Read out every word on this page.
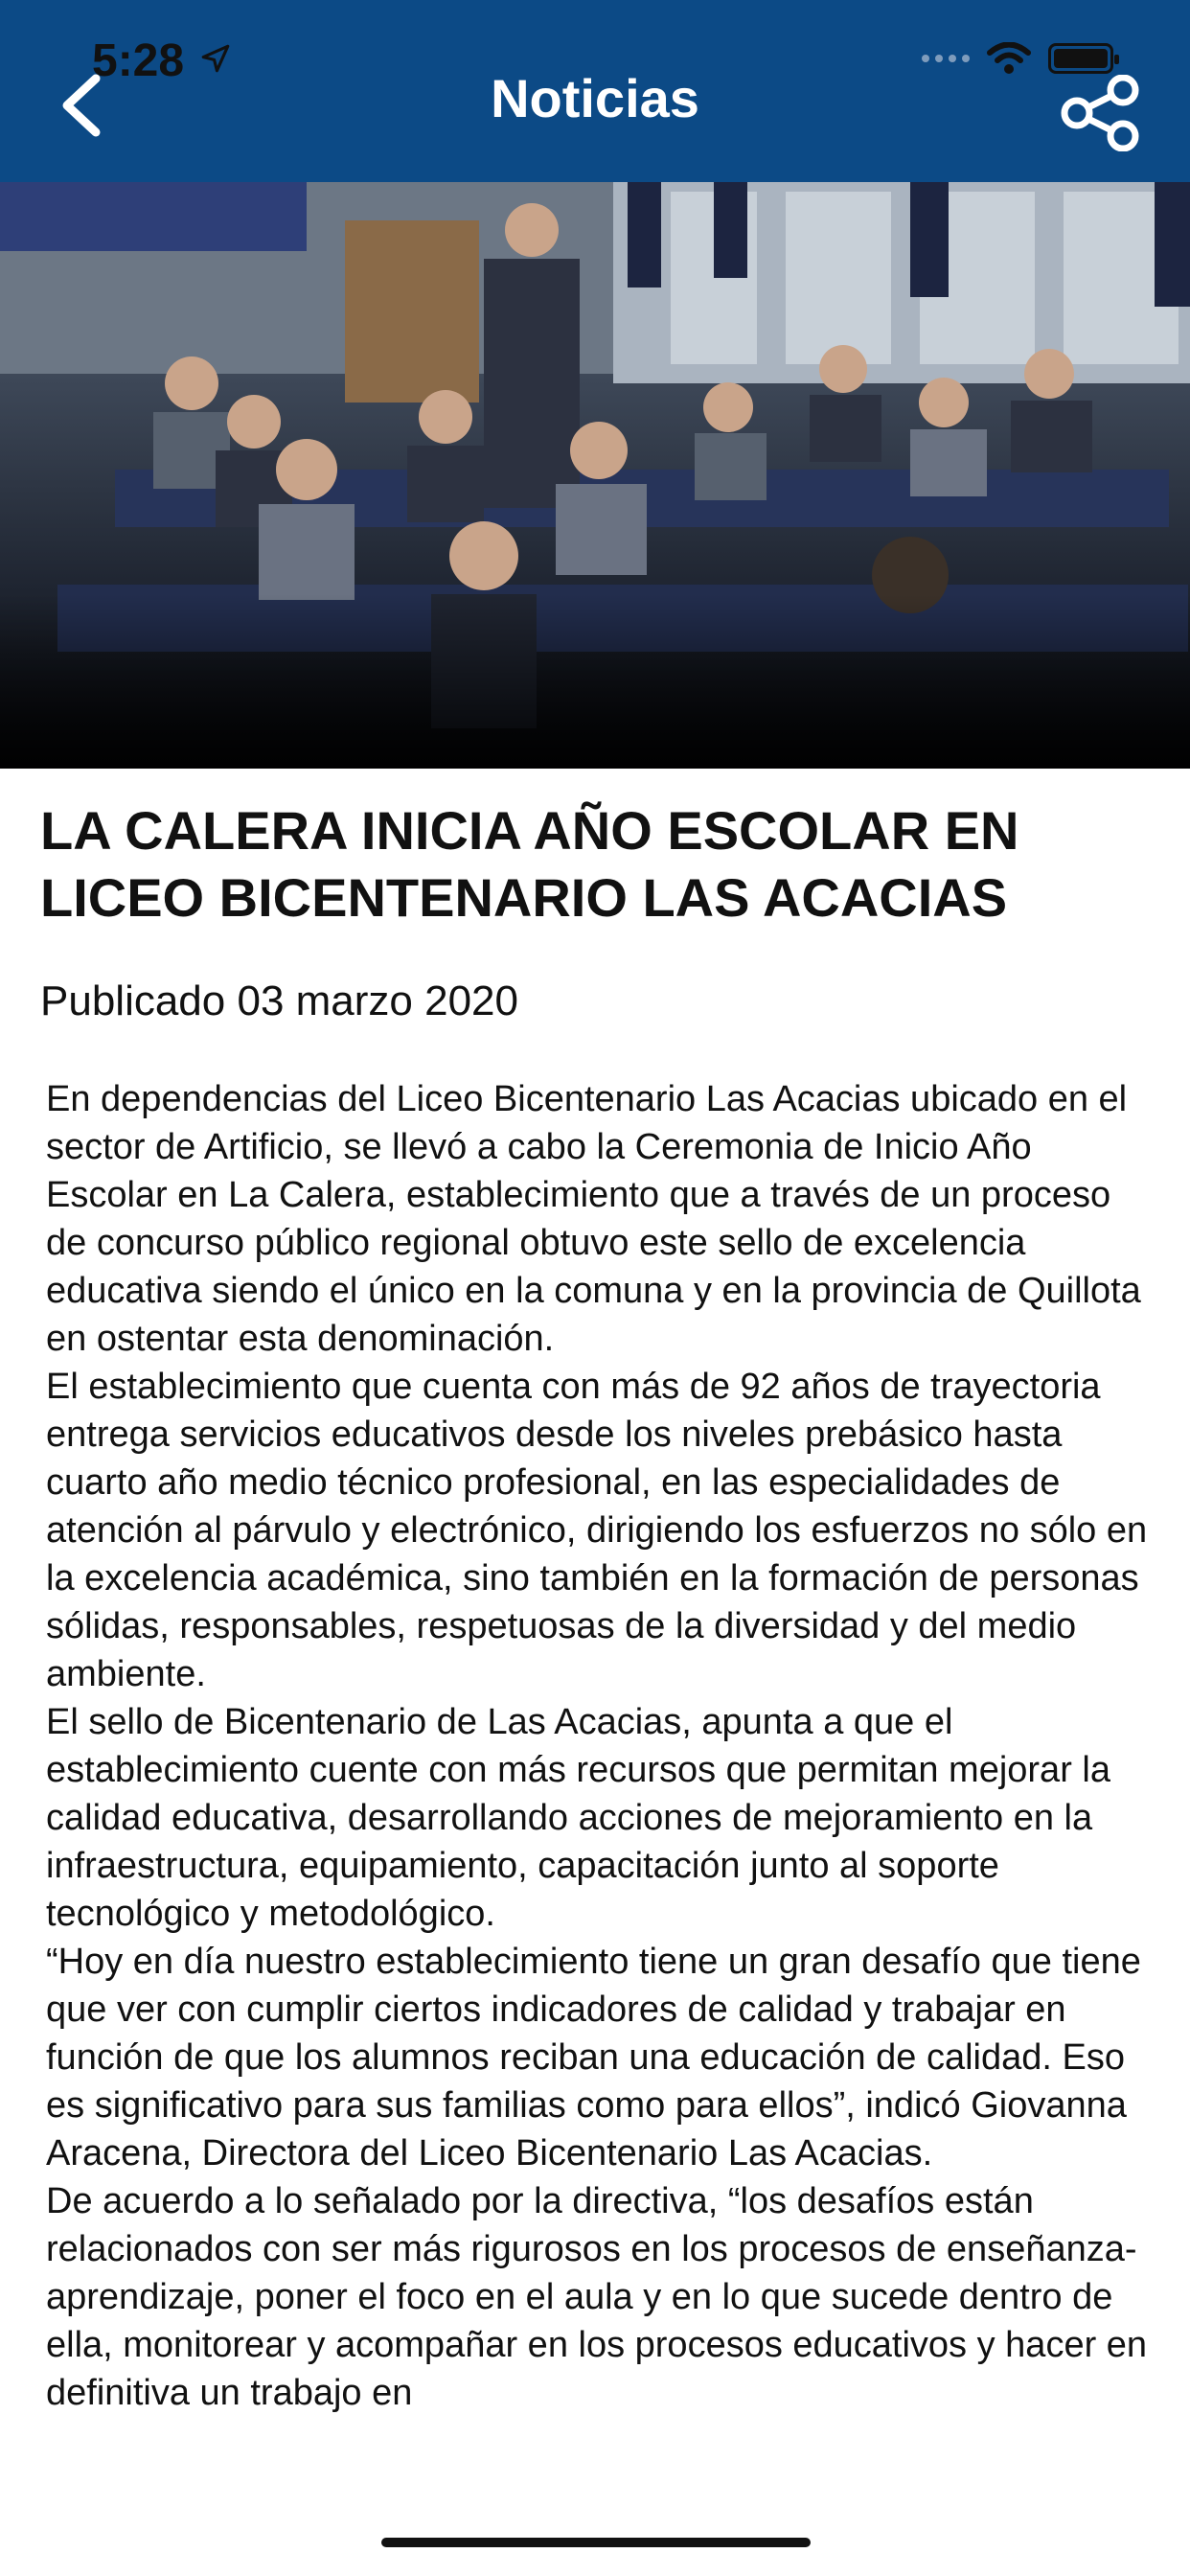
5:28
Noticias
LA CALERA INICIA AÑO ESCOLAR EN LICEO BICENTENARIO LAS ACACIAS
Publicado 03 marzo 2020
En dependencias del Liceo Bicentenario Las Acacias ubicado en el sector de Artificio, se llevó a cabo la Ceremonia de Inicio Año Escolar en La Calera, establecimiento que a través de un proceso de concurso público regional obtuvo este sello de excelencia educativa siendo el único en la comuna y en la provincia de Quillota en ostentar esta denominación.
El establecimiento que cuenta con más de 92 años de trayectoria entrega servicios educativos desde los niveles prebásico hasta cuarto año medio técnico profesional, en las especialidades de atención al párvulo y electrónico, dirigiendo los esfuerzos no sólo en la excelencia académica, sino también en la formación de personas sólidas, responsables, respetuosas de la diversidad y del medio ambiente.
El sello de Bicentenario de Las Acacias, apunta a que el establecimiento cuente con más recursos que permitan mejorar la calidad educativa, desarrollando acciones de mejoramiento en la infraestructura, equipamiento, capacitación junto al soporte tecnológico y metodológico.
“Hoy en día nuestro establecimiento tiene un gran desafío que tiene que ver con cumplir ciertos indicadores de calidad y trabajar en función de que los alumnos reciban una educación de calidad. Eso es significativo para sus familias como para ellos”, indicó Giovanna Aracena, Directora del Liceo Bicentenario Las Acacias.
De acuerdo a lo señalado por la directiva, “los desafíos están relacionados con ser más rigurosos en los procesos de enseñanza- aprendizaje, poner el foco en el aula y en lo que sucede dentro de ella, monitorear y acompañar en los procesos educativos y hacer en definitiva un trabajo en
